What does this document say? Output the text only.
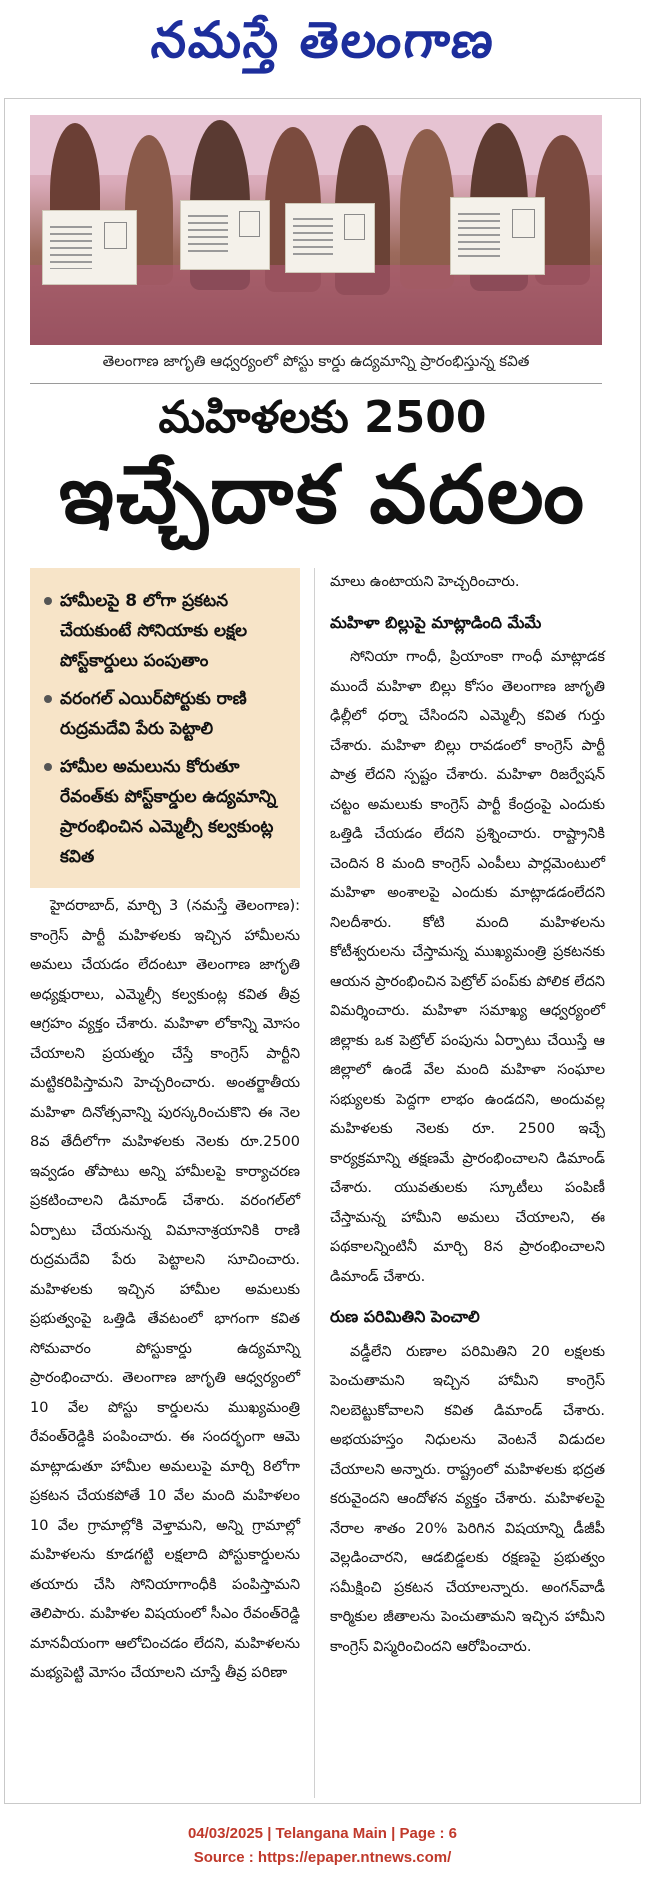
నమస్తే తెలంగాణ
తెలంగాణ జాగృతి ఆధ్వర్యంలో పోస్టు కార్డు ఉద్యమాన్ని ప్రారంభిస్తున్న కవిత
మహిళలకు 2500
ఇచ్చేదాక వదలం
హామీలపై 8 లోగా ప్రకటన చేయకుంటే సోనియాకు లక్షల పోస్ట్‌కార్డులు పంపుతాం
వరంగల్ ఎయిర్‌పోర్టుకు రాణి రుద్రమదేవి పేరు పెట్టాలి
హామీల అమలును కోరుతూ రేవంత్‌కు పోస్ట్‌కార్డుల ఉద్యమాన్ని ప్రారంభించిన ఎమ్మెల్సీ కల్వకుంట్ల కవిత

హైదరాబాద్, మార్చి 3 (నమస్తే తెలంగాణ): కాంగ్రెస్ పార్టీ మహిళలకు ఇచ్చిన హామీలను అమలు చేయడం లేదంటూ తెలంగాణ జాగృతి అధ్యక్షురాలు, ఎమ్మెల్సీ కల్వకుంట్ల కవిత తీవ్ర ఆగ్రహం వ్యక్తం చేశారు. మహిళా లోకాన్ని మోసం చేయాలని ప్రయత్నం చేస్తే కాంగ్రెస్ పార్టీని మట్టికరిపిస్తామని హెచ్చరించారు. అంతర్జాతీయ మహిళా దినోత్సవాన్ని పురస్కరించుకొని ఈ నెల 8వ తేదీలోగా మహిళలకు నెలకు రూ.2500 ఇవ్వడం తోపాటు అన్ని హామీలపై కార్యాచరణ ప్రకటించాలని డిమాండ్ చేశారు. వరంగల్‌లో ఏర్పాటు చేయనున్న విమానాశ్రయానికి రాణి రుద్రమదేవి పేరు పెట్టాలని సూచించారు. మహిళలకు ఇచ్చిన హామీల అమలుకు ప్రభుత్వంపై ఒత్తిడి తేవటంలో భాగంగా కవిత సోమవారం పోస్టుకార్డు ఉద్యమాన్ని ప్రారంభించారు. తెలంగాణ జాగృతి ఆధ్వర్యంలో 10 వేల పోస్టు కార్డులను ముఖ్యమంత్రి రేవంత్‌రెడ్డికి పంపించారు. ఈ సందర్భంగా ఆమె మాట్లాడుతూ హామీల అమలుపై మార్చి 8లోగా ప్రకటన చేయకపోతే 10 వేల మంది మహిళలం 10 వేల గ్రామాల్లోకి వెళ్తామని, అన్ని గ్రామాల్లో మహిళలను కూడగట్టి లక్షలాది పోస్టుకార్డులను తయారు చేసి సోనియాగాంధీకి పంపిస్తామని తెలిపారు. మహిళల విషయంలో సీఎం రేవంత్‌రెడ్డి మానవీయంగా ఆలోచించడం లేదని, మహిళలను మభ్యపెట్టి మోసం చేయాలని చూస్తే తీవ్ర పరిణా

మాలు ఉంటాయని హెచ్చరించారు.
మహిళా బిల్లుపై మాట్లాడింది మేమే

సోనియా గాంధీ, ప్రియాంకా గాంధీ మాట్లాడక ముందే మహిళా బిల్లు కోసం తెలంగాణ జాగృతి ఢిల్లీలో ధర్నా చేసిందని ఎమ్మెల్సీ కవిత గుర్తు చేశారు. మహిళా బిల్లు రావడంలో కాంగ్రెస్ పార్టీ పాత్ర లేదని స్పష్టం చేశారు. మహిళా రిజర్వేషన్ చట్టం అమలుకు కాంగ్రెస్ పార్టీ కేంద్రంపై ఎందుకు ఒత్తిడి చేయడం లేదని ప్రశ్నించారు. రాష్ట్రానికి చెందిన 8 మంది కాంగ్రెస్ ఎంపీలు పార్లమెంటులో మహిళా అంశాలపై ఎందుకు మాట్లాడడంలేదని నిలదీశారు. కోటి మంది మహిళలను కోటీశ్వరులను చేస్తామన్న ముఖ్యమంత్రి ప్రకటనకు ఆయన ప్రారంభించిన పెట్రోల్ పంప్‌కు పోలిక లేదని విమర్శించారు. మహిళా సమాఖ్య ఆధ్వర్యంలో జిల్లాకు ఒక పెట్రోల్ పంపును ఏర్పాటు చేయిస్తే ఆ జిల్లాలో ఉండే వేల మంది మహిళా సంఘాల సభ్యులకు పెద్దగా లాభం ఉండదని, అందువల్ల మహిళలకు నెలకు రూ. 2500 ఇచ్చే కార్యక్రమాన్ని తక్షణమే ప్రారంభించాలని డిమాండ్ చేశారు. యువతులకు స్కూటీలు పంపిణీ చేస్తామన్న హామీని అమలు చేయాలని, ఈ పథకాలన్నింటినీ మార్చి 8న ప్రారంభించాలని డిమాండ్ చేశారు.

రుణ పరిమితిని పెంచాలి

వడ్డీలేని రుణాల పరిమితిని 20 లక్షలకు పెంచుతామని ఇచ్చిన హామీని కాంగ్రెస్ నిలబెట్టుకోవాలని కవిత డిమాండ్ చేశారు. అభయహస్తం నిధులను వెంటనే విడుదల చేయాలని అన్నారు. రాష్ట్రంలో మహిళలకు భద్రత కరువైందని ఆందోళన వ్యక్తం చేశారు. మహిళలపై నేరాల శాతం 20% పెరిగిన విషయాన్ని డీజీపీ వెల్లడించారని, ఆడబిడ్డలకు రక్షణపై ప్రభుత్వం సమీక్షించి ప్రకటన చేయాలన్నారు. అంగన్‌వాడీ కార్మికుల జీతాలను పెంచుతామని ఇచ్చిన హామీని కాంగ్రెస్ విస్మరించిందని ఆరోపించారు.

04/03/2025 | Telangana Main | Page : 6
Source : https://epaper.ntnews.com/
